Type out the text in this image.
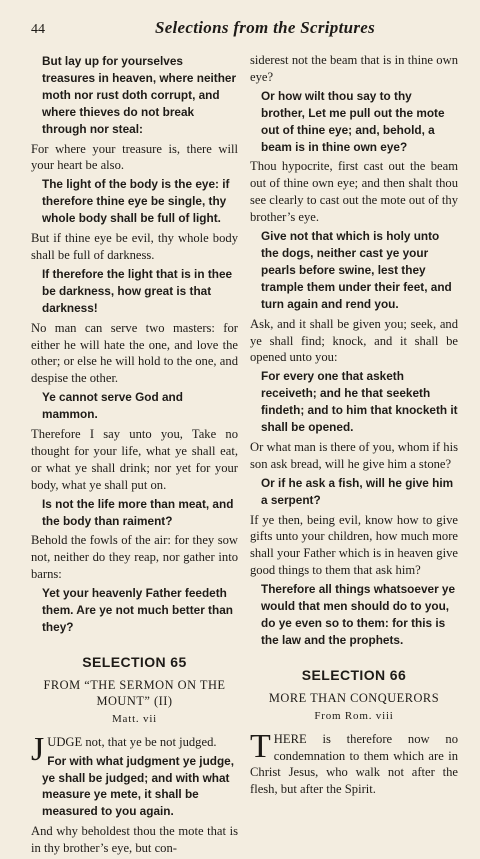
44	Selections from the Scriptures

But lay up for yourselves treasures in heaven, where neither moth nor rust doth corrupt, and where thieves do not break through nor steal:

For where your treasure is, there will your heart be also.

The light of the body is the eye: if therefore thine eye be single, thy whole body shall be full of light.

But if thine eye be evil, thy whole body shall be full of darkness.

If therefore the light that is in thee be darkness, how great is that darkness!

No man can serve two masters: for either he will hate the one, and love the other; or else he will hold to the one, and despise the other.

Ye cannot serve God and mammon.

Therefore I say unto you, Take no thought for your life, what ye shall eat, or what ye shall drink; nor yet for your body, what ye shall put on.

Is not the life more than meat, and the body than raiment?

Behold the fowls of the air: for they sow not, neither do they reap, nor gather into barns:

Yet your heavenly Father feedeth them. Are ye not much better than they?

SELECTION 65

FROM “THE SERMON ON THE MOUNT” (II)

Matt. vii

JUDGE not, that ye be not judged.

For with what judgment ye judge, ye shall be judged; and with what measure ye mete, it shall be measured to you again.

And why beholdest thou the mote that is in thy brother’s eye, but con-

siderest not the beam that is in thine own eye?

Or how wilt thou say to thy brother, Let me pull out the mote out of thine eye; and, behold, a beam is in thine own eye?

Thou hypocrite, first cast out the beam out of thine own eye; and then shalt thou see clearly to cast out the mote out of thy brother’s eye.

Give not that which is holy unto the dogs, neither cast ye your pearls before swine, lest they trample them under their feet, and turn again and rend you.

Ask, and it shall be given you; seek, and ye shall find; knock, and it shall be opened unto you:

For every one that asketh receiveth; and he that seeketh findeth; and to him that knocketh it shall be opened.

Or what man is there of you, whom if his son ask bread, will he give him a stone?

Or if he ask a fish, will he give him a serpent?

If ye then, being evil, know how to give gifts unto your children, how much more shall your Father which is in heaven give good things to them that ask him?

Therefore all things whatsoever ye would that men should do to you, do ye even so to them: for this is the law and the prophets.

SELECTION 66

MORE THAN CONQUERORS

From Rom. viii

THERE is therefore now no condemnation to them which are in Christ Jesus, who walk not after the flesh, but after the Spirit.
